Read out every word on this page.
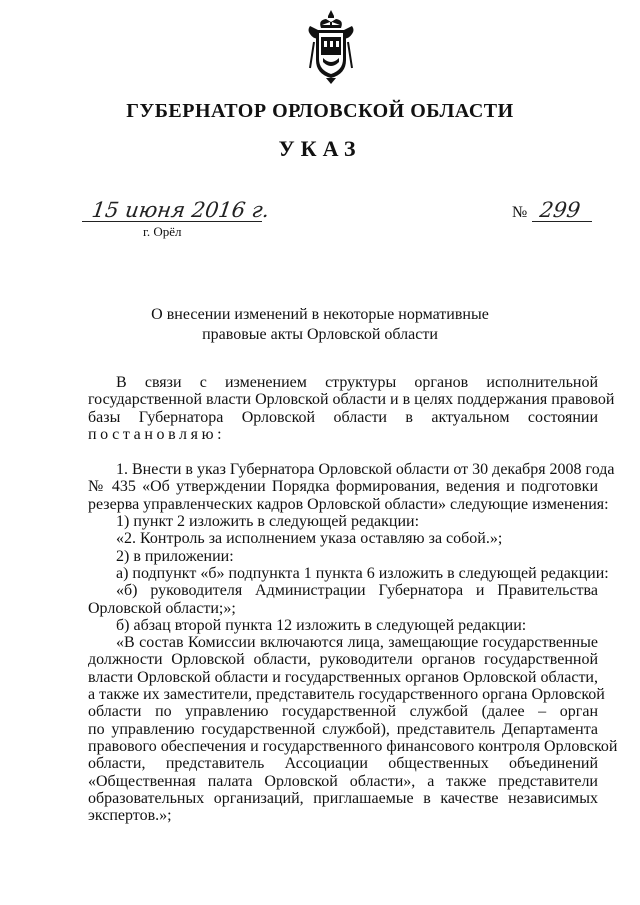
ГУБЕРНАТОР ОРЛОВСКОЙ ОБЛАСТИ
УКАЗ
15 июня 2016 г.
г. Орёл
№ 299
О внесении изменений в некоторые нормативные
правовые акты Орловской области
В связи с изменением структуры органов исполнительной
государственной власти Орловской области и в целях поддержания правовой
базы Губернатора Орловской области в актуальном состоянии
постановляю:
1. Внести в указ Губернатора Орловской области от 30 декабря 2008 года
№ 435 «Об утверждении Порядка формирования, ведения и подготовки
резерва управленческих кадров Орловской области» следующие изменения:
1) пункт 2 изложить в следующей редакции:
«2. Контроль за исполнением указа оставляю за собой.»;
2) в приложении:
а) подпункт «б» подпункта 1 пункта 6 изложить в следующей редакции:
«б) руководителя Администрации Губернатора и Правительства
Орловской области;»;
б) абзац второй пункта 12 изложить в следующей редакции:
«В состав Комиссии включаются лица, замещающие государственные
должности Орловской области, руководители органов государственной
власти Орловской области и государственных органов Орловской области,
а также их заместители, представитель государственного органа Орловской
области по управлению государственной службой (далее – орган
по управлению государственной службой), представитель Департамента
правового обеспечения и государственного финансового контроля Орловской
области, представитель Ассоциации общественных объединений
«Общественная палата Орловской области», а также представители
образовательных организаций, приглашаемые в качестве независимых
экспертов.»;
